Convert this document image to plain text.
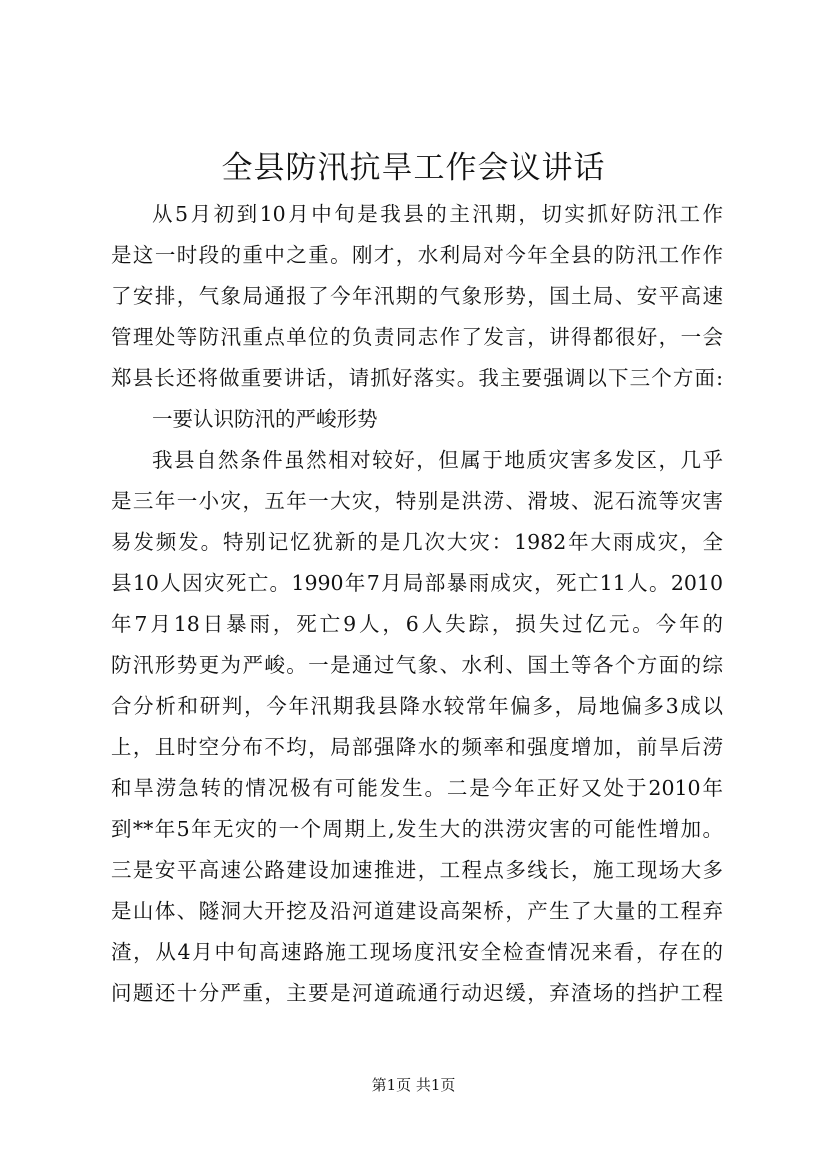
全县防汛抗旱工作会议讲话
从5月初到10月中旬是我县的主汛期，切实抓好防汛工作
是这一时段的重中之重。刚才，水利局对今年全县的防汛工作作
了安排，气象局通报了今年汛期的气象形势，国土局、安平高速
管理处等防汛重点单位的负责同志作了发言，讲得都很好，一会
郑县长还将做重要讲话，请抓好落实。我主要强调以下三个方面:
一要认识防汛的严峻形势
我县自然条件虽然相对较好，但属于地质灾害多发区，几乎
是三年一小灾，五年一大灾，特别是洪涝、滑坡、泥石流等灾害
易发频发。特别记忆犹新的是几次大灾：1982年大雨成灾，全
县10人因灾死亡。1990年7月局部暴雨成灾，死亡11人。2010
年7月18日暴雨，死亡9人，6人失踪，损失过亿元。今年的
防汛形势更为严峻。一是通过气象、水利、国土等各个方面的综
合分析和研判，今年汛期我县降水较常年偏多，局地偏多3成以
上，且时空分布不均，局部强降水的频率和强度增加，前旱后涝
和旱涝急转的情况极有可能发生。二是今年正好又处于2010年
到**年5年无灾的一个周期上,发生大的洪涝灾害的可能性增加。
三是安平高速公路建设加速推进，工程点多线长，施工现场大多
是山体、隧洞大开挖及沿河道建设高架桥，产生了大量的工程弃
渣，从4月中旬高速路施工现场度汛安全检查情况来看，存在的
问题还十分严重，主要是河道疏通行动迟缓，弃渣场的挡护工程
第1页 共1页
